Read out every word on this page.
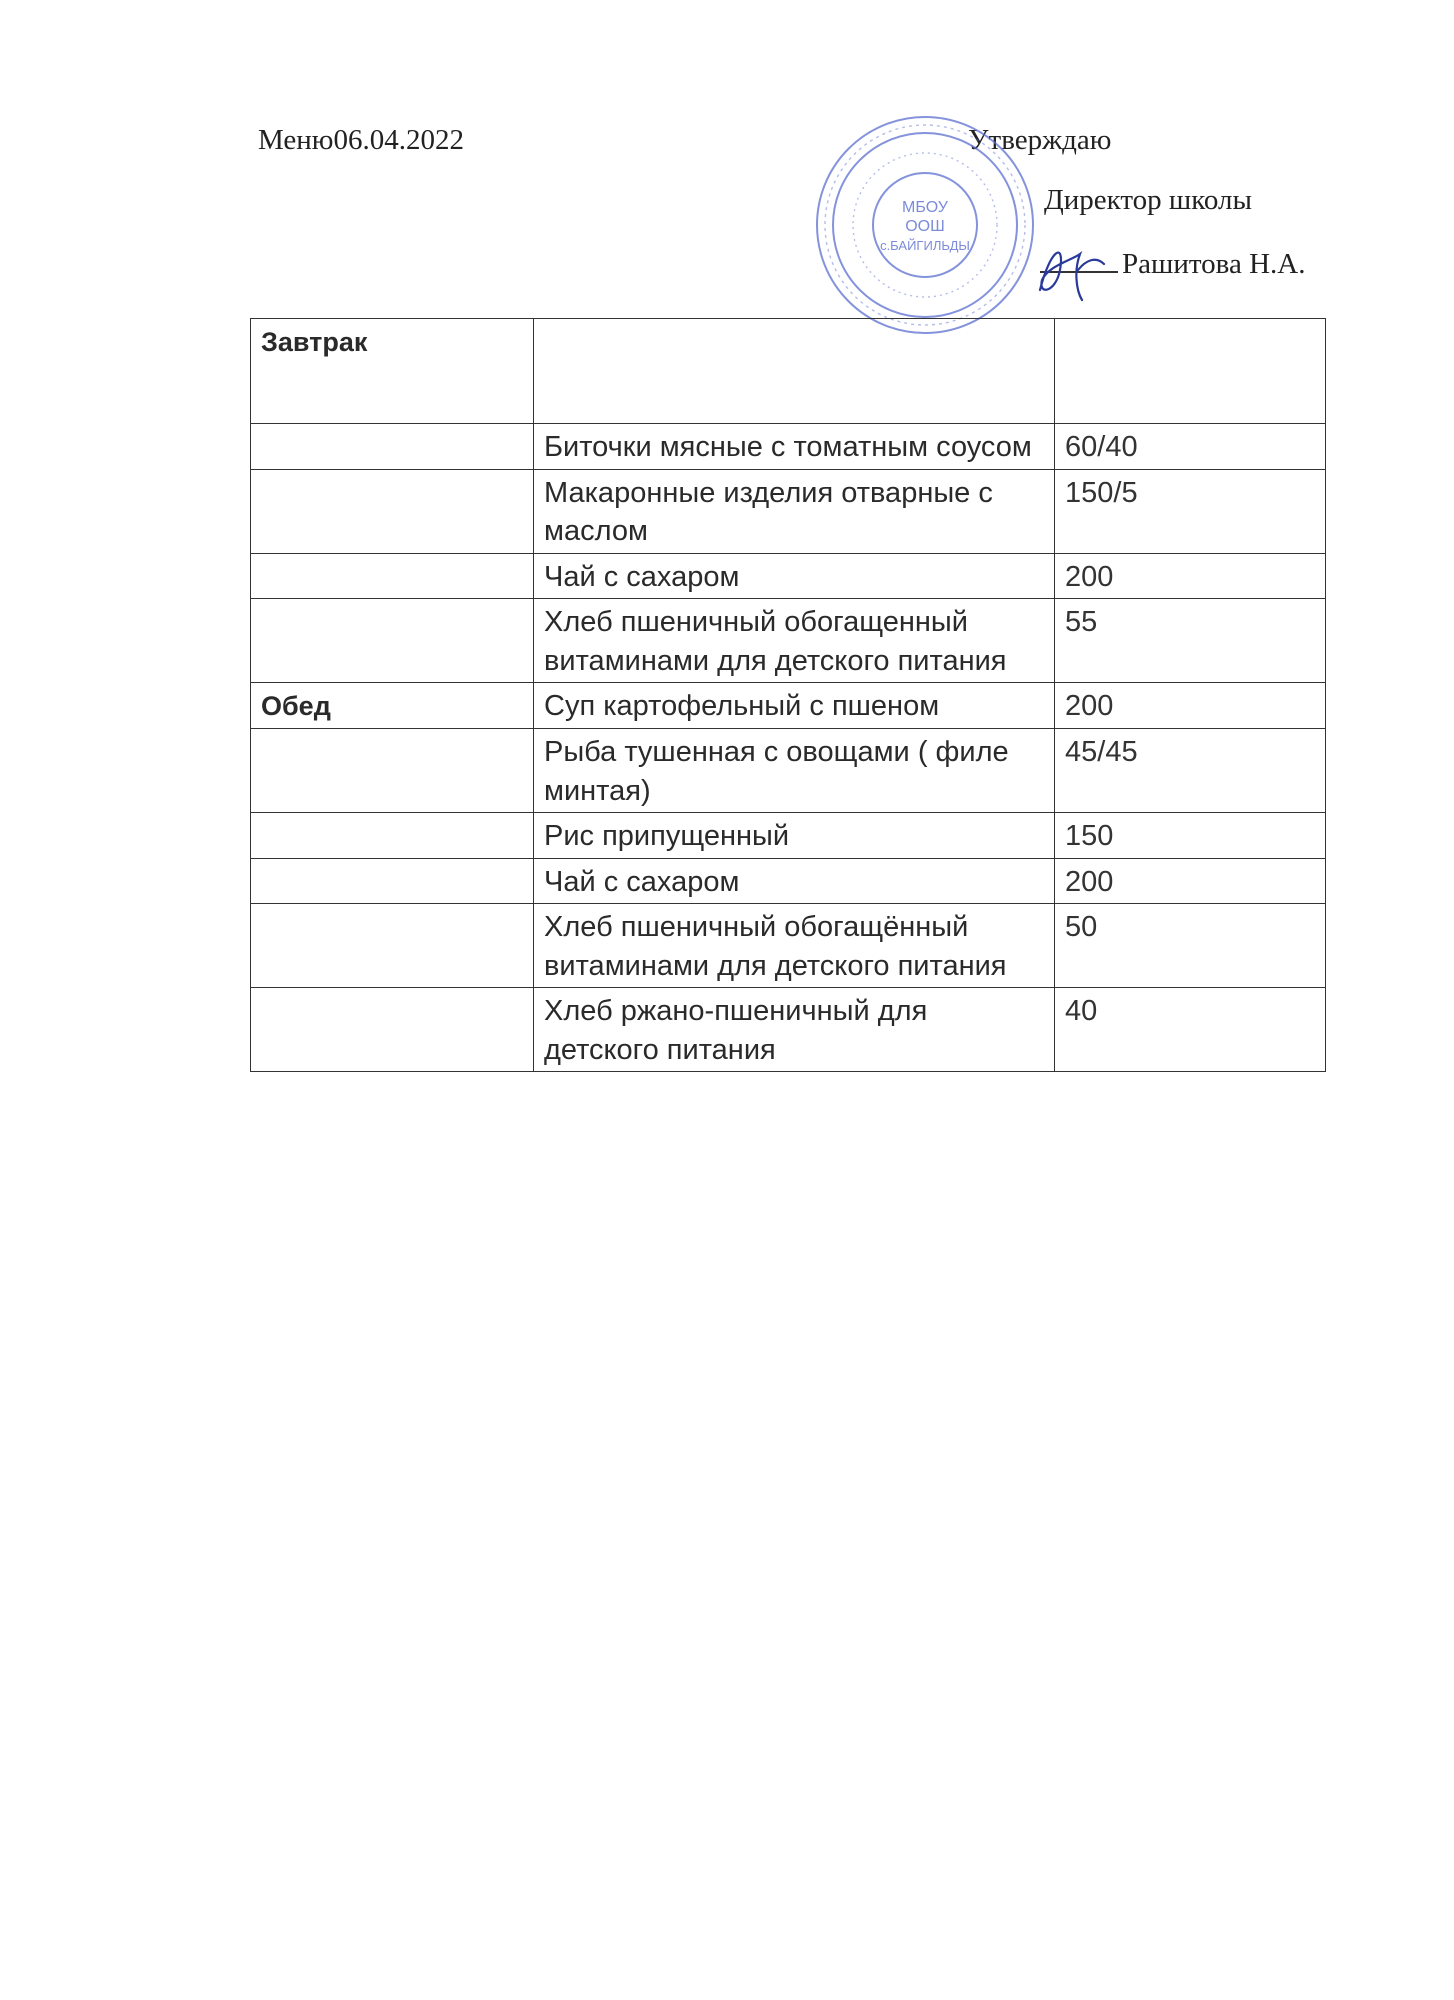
Меню06.04.2022	Утверждаю
Директор школы
Рашитова Н.А.
МБОУ
ООШ
с.БАЙГИЛЬДЫ
Завтрак		
	Биточки мясные с томатным соусом	60/40
	Макаронные изделия отварные с маслом	150/5
	Чай с сахаром	200
	Хлеб пшеничный обогащенный витаминами для детского питания	55
Обед	Суп картофельный с пшеном	200
	Рыба тушенная с овощами ( филе минтая)	45/45
	Рис припущенный	150
	Чай с сахаром	200
	Хлеб пшеничный обогащённый витаминами для детского питания	50
	Хлеб ржано-пшеничный для детского питания	40
